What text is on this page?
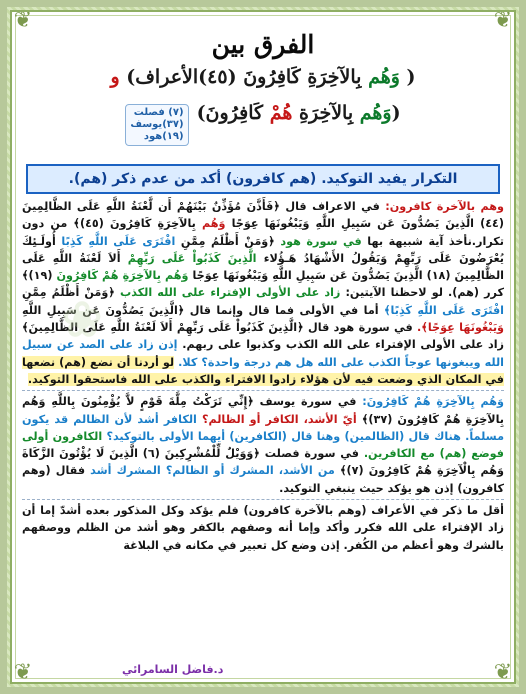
❦	❦
❦	❦
❀
الفرق بين
( وَهُم بِالآخِرَةِ كَافِرُونَ (٤٥)الأعراف) و
(وَهُم بِالآخِرَةِ هُمْ كَافِرُونَ)
(٧) فصلت
(٣٧)يوسف
(١٩)هود
التكرار يفيد التوكيد. (هم كافرون) أكد من عدم ذكر (هم).

وهم بالآخرة كافرون: في الاعراف قال ﴿فَأَذَّنَ مُؤَذِّنٌ بَيْنَهُمْ أَن لَّعْنَةُ اللَّهِ عَلَى الظَّالِمِينَ (٤٤) الَّذِينَ يَصُدُّونَ عَن سَبِيلِ اللَّهِ وَيَبْغُونَهَا عِوَجًا وَهُم بِالآخِرَةِ كَافِرُونَ (٤٥)﴾ من دون تكرار.نأخذ آية شبيهة بها في سورة هود ﴿وَمَنْ أَظْلَمُ مِمَّنِ افْتَرَى عَلَى اللَّهِ كَذِبًا أُولَـئِكَ يُعْرَضُونَ عَلَى رَبِّهِمْ وَيَقُولُ الأَشْهَادُ هَـؤُلاء الَّذِينَ كَذَبُواْ عَلَى رَبِّهِمْ أَلاَ لَعْنَةُ اللَّهِ عَلَى الظَّالِمِينَ (١٨) الَّذِينَ يَصُدُّونَ عَن سَبِيلِ اللَّهِ وَيَبْغُونَهَا عِوَجًا وَهُم بِالآخِرَةِ هُمْ كَافِرُونَ (١٩)﴾ كرر (هم). لو لاحظنا الآيتين: زاد على الأولى الإفتراء على الله الكذب ﴿وَمَنْ أَظْلَمُ مِمَّنِ افْتَرَى عَلَى اللَّهِ كَذِبًا﴾ أما في الأولى فما قال وإنما قال ﴿الَّذِينَ يَصُدُّونَ عَن سَبِيلِ اللَّهِ وَيَبْغُونَهَا عِوَجًا﴾. في سورة هود قال ﴿الَّذِينَ كَذَبُواْ عَلَى رَبِّهِمْ أَلاَ لَعْنَةُ اللَّهِ عَلَى الظَّالِمِينَ﴾ زاد على الأولى الإفتراء على الله الكذب وكذبوا على ربهم. إذن زاد على الصد عن سبيل الله ويبغونها عوجاً الكذب على الله هل هم درجة واحدة؟ كلا. لو أردنا أن نضع (هم) نضعها في المكان الذي وضعت فيه لأن هؤلاء زادوا الافتراء والكذب على الله فاستحقوا التوكيد.

وَهُم بِالآخِرَةِ هُمْ كَافِرُونَ: في سورة يوسف ﴿إِنِّي تَرَكْتُ مِلَّةَ قَوْمٍ لاَّ يُؤْمِنُونَ بِاللَّهِ وَهُم بِالآخِرَةِ هُمْ كَافِرُونَ (٣٧)﴾ أيّ الأشد، الكافر أو الظالم؟ الكافر أشد لأن الظالم قد يكون مسلماً. هناك قال (الظالمين) وهنا قال (الكافرين) أيهما الأولى بالتوكيد؟ الكافرون أولى فوضع (هم) مع الكافرين. في سورة فصلت ﴿وَوَيْلٌ لِّلْمُشْرِكِينَ (٦) الَّذِينَ لَا يُؤْتُونَ الزَّكَاةَ وَهُم بِالْآخِرَةِ هُمْ كَافِرُونَ (٧)﴾ من الأشد، المشرك أو الظالم؟ المشرك أشد فقال (وهم كافرون) إذن هو يؤكد حيث ينبغي التوكيد.

أقل ما ذكر في الأعراف (وهم بالآخرة كافرون) فلم يؤكد وكل المذكور بعده أشدّ إما أن زاد الإفتراء على الله فكرر وأكد وإما أنه وصفهم بالكفر وهو أشد من الظلم ووصفهم بالشرك وهو أعظم من الكُفر. إذن وضع كل تعبير في مكانه في البلاغة

د.فاضل السامرائي
